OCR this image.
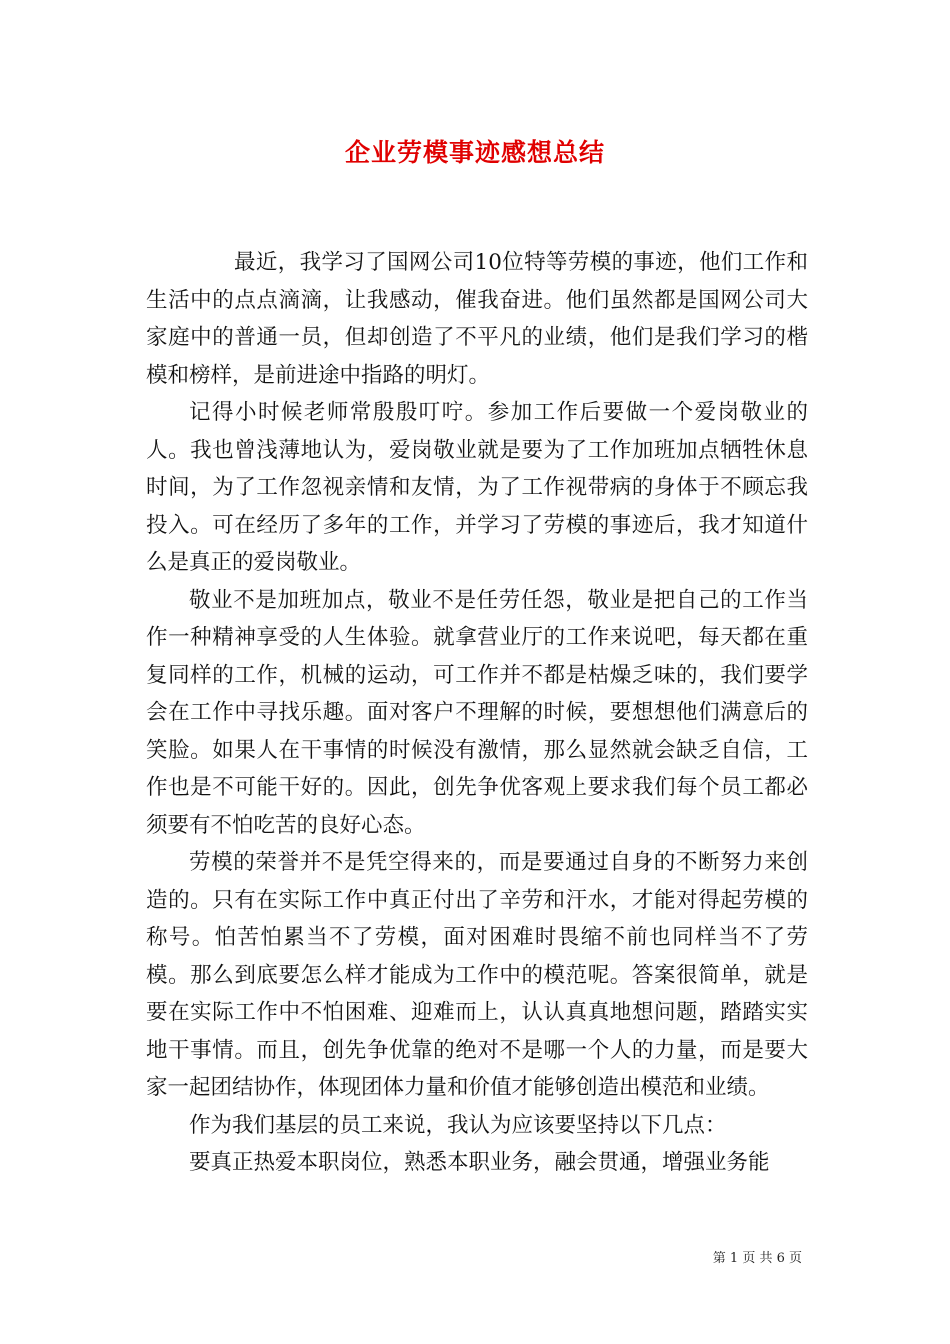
企业劳模事迹感想总结

最近，我学习了国网公司10位特等劳模的事迹，他们工作和生活中的点点滴滴，让我感动，催我奋进。他们虽然都是国网公司大家庭中的普通一员，但却创造了不平凡的业绩，他们是我们学习的楷模和榜样，是前进途中指路的明灯。

记得小时候老师常殷殷叮咛。参加工作后要做一个爱岗敬业的人。我也曾浅薄地认为，爱岗敬业就是要为了工作加班加点牺牲休息时间，为了工作忽视亲情和友情，为了工作视带病的身体于不顾忘我投入。可在经历了多年的工作，并学习了劳模的事迹后，我才知道什么是真正的爱岗敬业。

敬业不是加班加点，敬业不是任劳任怨，敬业是把自己的工作当作一种精神享受的人生体验。就拿营业厅的工作来说吧，每天都在重复同样的工作，机械的运动，可工作并不都是枯燥乏味的，我们要学会在工作中寻找乐趣。面对客户不理解的时候，要想想他们满意后的笑脸。如果人在干事情的时候没有激情，那么显然就会缺乏自信，工作也是不可能干好的。因此，创先争优客观上要求我们每个员工都必须要有不怕吃苦的良好心态。

劳模的荣誉并不是凭空得来的，而是要通过自身的不断努力来创造的。只有在实际工作中真正付出了辛劳和汗水，才能对得起劳模的称号。怕苦怕累当不了劳模，面对困难时畏缩不前也同样当不了劳模。那么到底要怎么样才能成为工作中的模范呢。答案很简单，就是要在实际工作中不怕困难、迎难而上，认认真真地想问题，踏踏实实地干事情。而且，创先争优靠的绝对不是哪一个人的力量，而是要大家一起团结协作，体现团体力量和价值才能够创造出模范和业绩。

作为我们基层的员工来说，我认为应该要坚持以下几点：

要真正热爱本职岗位，熟悉本职业务，融会贯通，增强业务能

第 1 页 共 6 页
